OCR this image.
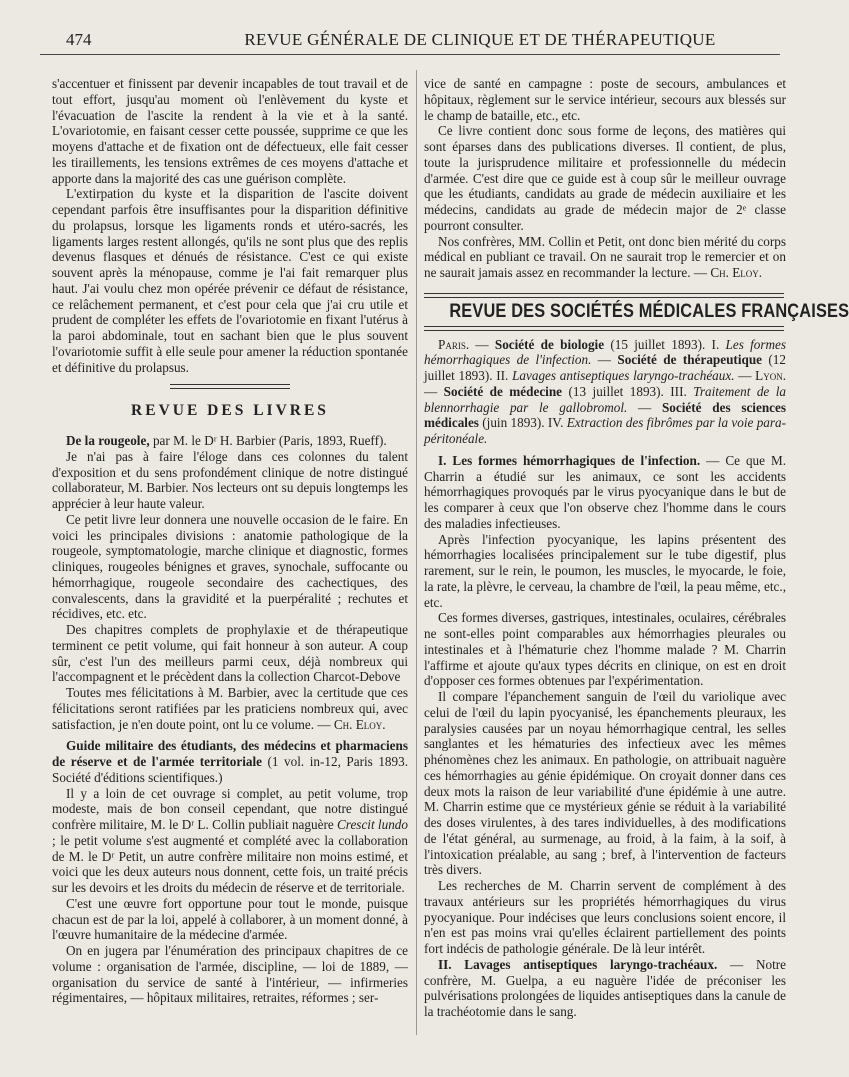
474	REVUE GÉNÉRALE DE CLINIQUE ET DE THÉRAPEUTIQUE

s'accentuer et finissent par devenir incapables de tout travail et de tout effort, jusqu'au moment où l'enlèvement du kyste et l'évacuation de l'ascite la rendent à la vie et à la santé. L'ovariotomie, en faisant cesser cette poussée, supprime ce que les moyens d'attache et de fixation ont de défectueux, elle fait cesser les tiraillements, les tensions extrêmes de ces moyens d'attache et apporte dans la majorité des cas une guérison complète.

L'extirpation du kyste et la disparition de l'ascite doivent cependant parfois être insuffisantes pour la disparition définitive du prolapsus, lorsque les ligaments ronds et utéro-sacrés, les ligaments larges restent allongés, qu'ils ne sont plus que des replis devenus flasques et dénués de résistance. C'est ce qui existe souvent après la ménopause, comme je l'ai fait remarquer plus haut. J'ai voulu chez mon opérée prévenir ce défaut de résistance, ce relâchement permanent, et c'est pour cela que j'ai cru utile et prudent de compléter les effets de l'ovariotomie en fixant l'utérus à la paroi abdominale, tout en sachant bien que le plus souvent l'ovariotomie suffit à elle seule pour amener la réduction spontanée et définitive du prolapsus.

REVUE DES LIVRES

De la rougeole, par M. le Dʳ H. Barbier (Paris, 1893, Rueff).

Je n'ai pas à faire l'éloge dans ces colonnes du talent d'exposition et du sens profondément clinique de notre distingué collaborateur, M. Barbier. Nos lecteurs ont su depuis longtemps les apprécier à leur haute valeur.

Ce petit livre leur donnera une nouvelle occasion de le faire. En voici les principales divisions : anatomie pathologique de la rougeole, symptomatologie, marche clinique et diagnostic, formes cliniques, rougeoles bénignes et graves, synochale, suffocante ou hémorrhagique, rougeole secondaire des cachectiques, des convalescents, dans la gravidité et la puerpéralité ; rechutes et récidives, etc. etc.

Des chapitres complets de prophylaxie et de thérapeutique terminent ce petit volume, qui fait honneur à son auteur. A coup sûr, c'est l'un des meilleurs parmi ceux, déjà nombreux qui l'accompagnent et le précèdent dans la collection Charcot-Debove

Toutes mes félicitations à M. Barbier, avec la certitude que ces félicitations seront ratifiées par les praticiens nombreux qui, avec satisfaction, je n'en doute point, ont lu ce volume. — Ch. Eloy.

Guide militaire des étudiants, des médecins et pharmaciens de réserve et de l'armée territoriale (1 vol. in-12, Paris 1893. Société d'éditions scientifiques.)

Il y a loin de cet ouvrage si complet, au petit volume, trop modeste, mais de bon conseil cependant, que notre distingué confrère militaire, M. le Dʳ L. Collin publiait naguère Crescit lundo ; le petit volume s'est augmenté et complété avec la collaboration de M. le Dʳ Petit, un autre confrère militaire non moins estimé, et voici que les deux auteurs nous donnent, cette fois, un traité précis sur les devoirs et les droits du médecin de réserve et de territoriale.

C'est une œuvre fort opportune pour tout le monde, puisque chacun est de par la loi, appelé à collaborer, à un moment donné, à l'œuvre humanitaire de la médecine d'armée.

On en jugera par l'énumération des principaux chapitres de ce volume : organisation de l'armée, discipline, — loi de 1889, — organisation du service de santé à l'intérieur, — infirmeries régimentaires, — hôpitaux militaires, retraites, réformes ; ser-

vice de santé en campagne : poste de secours, ambulances et hôpitaux, règlement sur le service intérieur, secours aux blessés sur le champ de bataille, etc., etc.

Ce livre contient donc sous forme de leçons, des matières qui sont éparses dans des publications diverses. Il contient, de plus, toute la jurisprudence militaire et professionnelle du médecin d'armée. C'est dire que ce guide est à coup sûr le meilleur ouvrage que les étudiants, candidats au grade de médecin auxiliaire et les médecins, candidats au grade de médecin major de 2ᵉ classe pourront consulter.

Nos confrères, MM. Collin et Petit, ont donc bien mérité du corps médical en publiant ce travail. On ne saurait trop le remercier et on ne saurait jamais assez en recommander la lecture. — Ch. Eloy.

REVUE DES SOCIÉTÉS MÉDICALES FRANÇAISES

Paris. — Société de biologie (15 juillet 1893). I. Les formes hémorrhagiques de l'infection. — Société de thérapeutique (12 juillet 1893). II. Lavages antiseptiques laryngo-trachéaux. — Lyon. — Société de médecine (13 juillet 1893). III. Traitement de la blennorrhagie par le gallobromol. — Société des sciences médicales (juin 1893). IV. Extraction des fibrômes par la voie para-péritonéale.

I. Les formes hémorrhagiques de l'infection. — Ce que M. Charrin a étudié sur les animaux, ce sont les accidents hémorrhagiques provoqués par le virus pyocyanique dans le but de les comparer à ceux que l'on observe chez l'homme dans le cours des maladies infectieuses.

Après l'infection pyocyanique, les lapins présentent des hémorrhagies localisées principalement sur le tube digestif, plus rarement, sur le rein, le poumon, les muscles, le myocarde, le foie, la rate, la plèvre, le cerveau, la chambre de l'œil, la peau même, etc., etc.

Ces formes diverses, gastriques, intestinales, oculaires, cérébrales ne sont-elles point comparables aux hémorrhagies pleurales ou intestinales et à l'hématurie chez l'homme malade ? M. Charrin l'affirme et ajoute qu'aux types décrits en clinique, on est en droit d'opposer ces formes obtenues par l'expérimentation.

Il compare l'épanchement sanguin de l'œil du variolique avec celui de l'œil du lapin pyocyanisé, les épanchements pleuraux, les paralysies causées par un noyau hémorrhagique central, les selles sanglantes et les hématuries des infectieux avec les mêmes phénomènes chez les animaux. En pathologie, on attribuait naguère ces hémorrhagies au génie épidémique. On croyait donner dans ces deux mots la raison de leur variabilité d'une épidémie à une autre. M. Charrin estime que ce mystérieux génie se réduit à la variabilité des doses virulentes, à des tares individuelles, à des modifications de l'état général, au surmenage, au froid, à la faim, à la soif, à l'intoxication préalable, au sang ; bref, à l'intervention de facteurs très divers.

Les recherches de M. Charrin servent de complément à des travaux antérieurs sur les propriétés hémorrhagiques du virus pyocyanique. Pour indécises que leurs conclusions soient encore, il n'en est pas moins vrai qu'elles éclairent partiellement des points fort indécis de pathologie générale. De là leur intérêt.

II. Lavages antiseptiques laryngo-trachéaux. — Notre confrère, M. Guelpa, a eu naguère l'idée de préconiser les pulvérisations prolongées de liquides antiseptiques dans la canule de la trachéotomie dans le sang.
